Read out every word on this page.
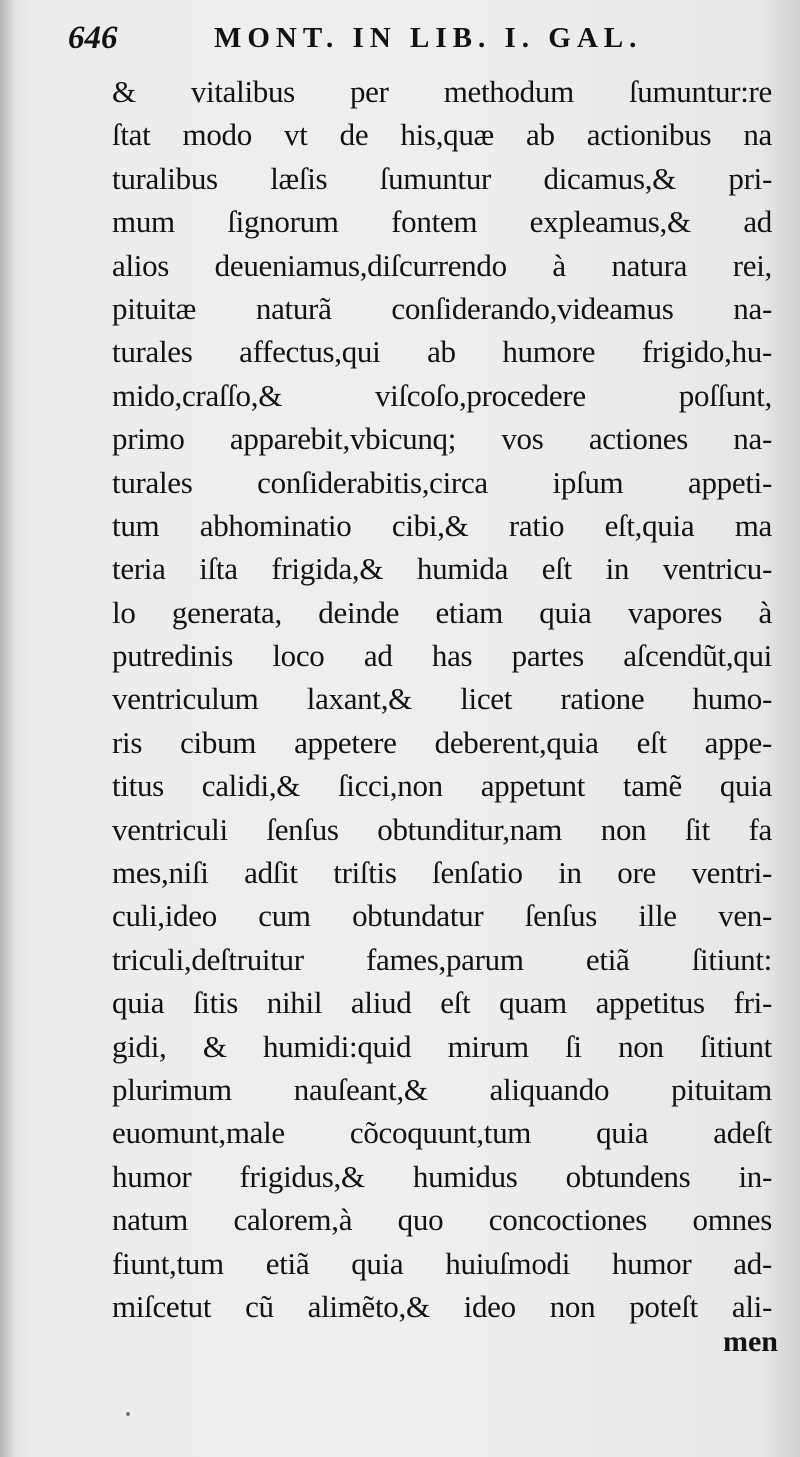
646	MONT. IN LIB. I. GAL.
& vitalibus per methodum ſumuntur:re
ſtat modo vt de his,quæ ab actionibus na
turalibus læſis ſumuntur dicamus,& pri-
mum ſignorum fontem expleamus,& ad
alios deueniamus,diſcurrendo à natura rei,
pituitæ naturã conſiderando,videamus na-
turales affectus,qui ab humore frigido,hu-
mido,craſſo,& viſcoſo,procedere poſſunt,
primo apparebit,vbicunq; vos actiones na-
turales conſiderabitis,circa ipſum appeti-
tum abhominatio cibi,& ratio eſt,quia ma
teria iſta frigida,& humida eſt in ventricu-
lo generata, deinde etiam quia vapores à
putredinis loco ad has partes aſcendũt,qui
ventriculum laxant,& licet ratione humo-
ris cibum appetere deberent,quia eſt appe-
titus calidi,& ſicci,non appetunt tamẽ quia
ventriculi ſenſus obtunditur,nam non ſit fa
mes,niſi adſit triſtis ſenſatio in ore ventri-
culi,ideo cum obtundatur ſenſus ille ven-
triculi,deſtruitur fames,parum etiã ſitiunt:
quia ſitis nihil aliud eſt quam appetitus fri-
gidi, & humidi:quid mirum ſi non ſitiunt
plurimum nauſeant,& aliquando pituitam
euomunt,male cõcoquunt,tum quia adeſt
humor frigidus,& humidus obtundens in-
natum calorem,à quo concoctiones omnes
fiunt,tum etiã quia huiuſmodi humor ad-
miſcetut cũ alimẽto,& ideo non poteſt ali-
men
